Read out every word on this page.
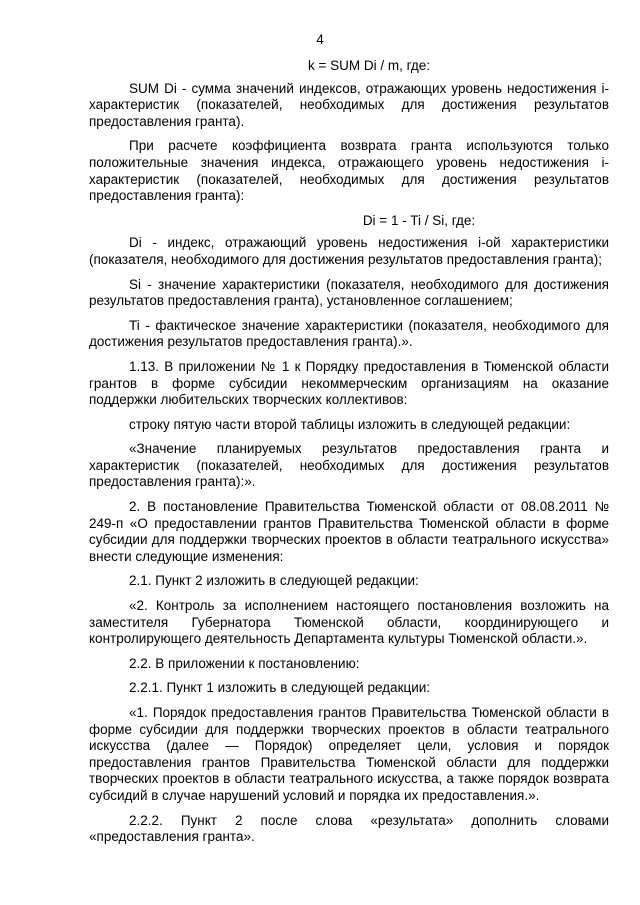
4
k = SUM Di / m, где:

SUM Di - сумма значений индексов, отражающих уровень недостижения i-характеристик (показателей, необходимых для достижения результатов предоставления гранта).

При расчете коэффициента возврата гранта используются только положительные значения индекса, отражающего уровень недостижения i-характеристик (показателей, необходимых для достижения результатов предоставления гранта):

Di = 1 - Ti / Si, где:

Di - индекс, отражающий уровень недостижения i-ой характеристики (показателя, необходимого для достижения результатов предоставления гранта);

Si - значение характеристики (показателя, необходимого для достижения результатов предоставления гранта), установленное соглашением;

Ti - фактическое значение характеристики (показателя, необходимого для достижения результатов предоставления гранта).».

1.13. В приложении № 1 к Порядку предоставления в Тюменской области грантов в форме субсидии некоммерческим организациям на оказание поддержки любительских творческих коллективов:

строку пятую части второй таблицы изложить в следующей редакции:

«Значение планируемых результатов предоставления гранта и характеристик (показателей, необходимых для достижения результатов предоставления гранта):».

2. В постановление Правительства Тюменской области от 08.08.2011 № 249-п «О предоставлении грантов Правительства Тюменской области в форме субсидии для поддержки творческих проектов в области театрального искусства» внести следующие изменения:

2.1. Пункт 2 изложить в следующей редакции:

«2. Контроль за исполнением настоящего постановления возложить на заместителя Губернатора Тюменской области, координирующего и контролирующего деятельность Департамента культуры Тюменской области.».

2.2. В приложении к постановлению:

2.2.1. Пункт 1 изложить в следующей редакции:

«1. Порядок предоставления грантов Правительства Тюменской области в форме субсидии для поддержки творческих проектов в области театрального искусства (далее — Порядок) определяет цели, условия и порядок предоставления грантов Правительства Тюменской области для поддержки творческих проектов в области театрального искусства, а также порядок возврата субсидий в случае нарушений условий и порядка их предоставления.».

2.2.2. Пункт 2 после слова «результата» дополнить словами «предоставления гранта».
